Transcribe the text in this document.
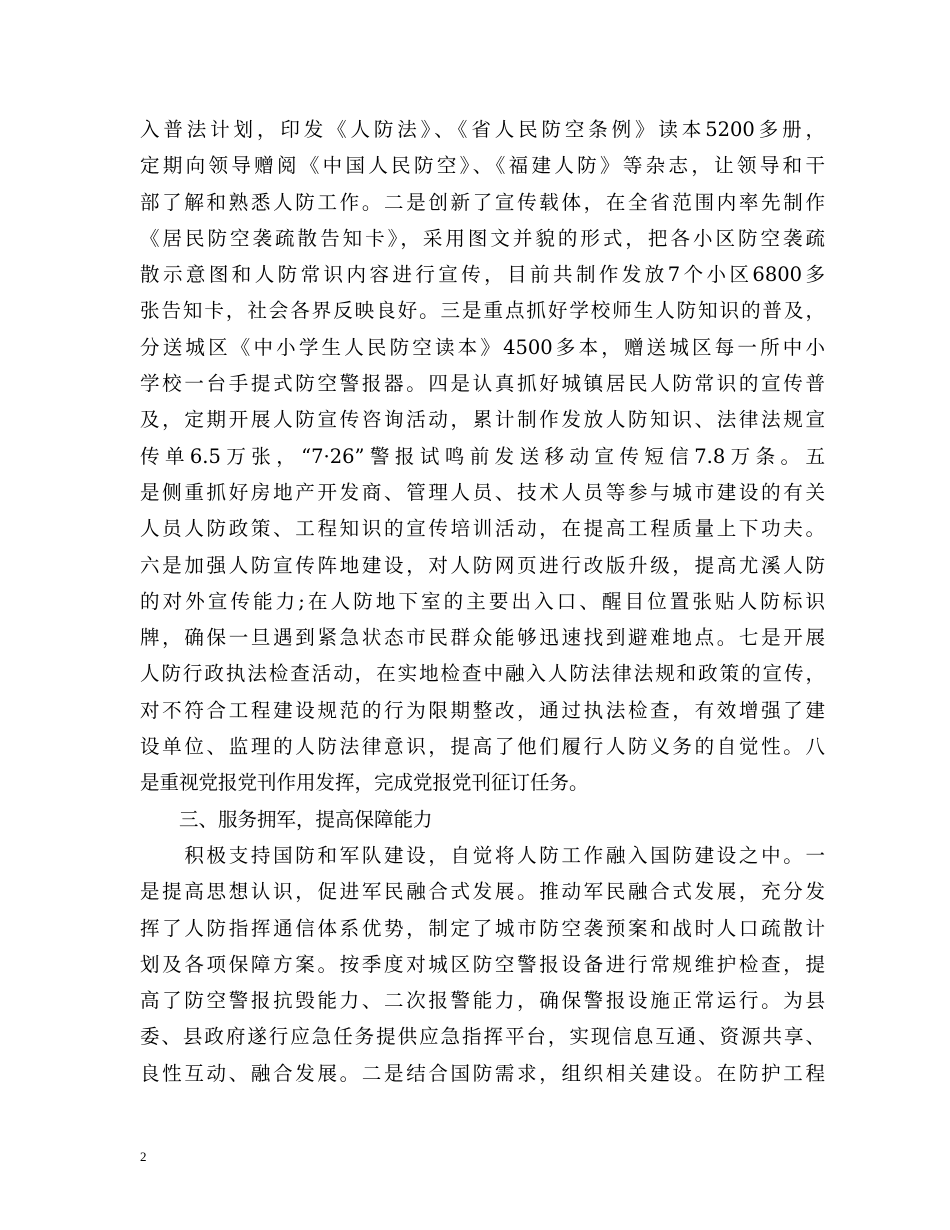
入普法计划，印发《人防法》、《省人民防空条例》读本5200多册，
定期向领导赠阅《中国人民防空》、《福建人防》等杂志，让领导和干
部了解和熟悉人防工作。二是创新了宣传载体，在全省范围内率先制作
《居民防空袭疏散告知卡》，采用图文并貌的形式，把各小区防空袭疏
散示意图和人防常识内容进行宣传，目前共制作发放7个小区6800多
张告知卡，社会各界反映良好。三是重点抓好学校师生人防知识的普及，
分送城区《中小学生人民防空读本》4500多本，赠送城区每一所中小
学校一台手提式防空警报器。四是认真抓好城镇居民人防常识的宣传普
及，定期开展人防宣传咨询活动，累计制作发放人防知识、法律法规宣
传单6.5万张，“7·26”警报试鸣前发送移动宣传短信7.8万条。五
是侧重抓好房地产开发商、管理人员、技术人员等参与城市建设的有关
人员人防政策、工程知识的宣传培训活动，在提高工程质量上下功夫。
六是加强人防宣传阵地建设，对人防网页进行改版升级，提高尤溪人防
的对外宣传能力;在人防地下室的主要出入口、醒目位置张贴人防标识
牌，确保一旦遇到紧急状态市民群众能够迅速找到避难地点。七是开展
人防行政执法检查活动，在实地检查中融入人防法律法规和政策的宣传，
对不符合工程建设规范的行为限期整改，通过执法检查，有效增强了建
设单位、监理的人防法律意识，提高了他们履行人防义务的自觉性。八
是重视党报党刊作用发挥，完成党报党刊征订任务。
　　三、服务拥军，提高保障能力
　　积极支持国防和军队建设，自觉将人防工作融入国防建设之中。一
是提高思想认识，促进军民融合式发展。推动军民融合式发展，充分发
挥了人防指挥通信体系优势，制定了城市防空袭预案和战时人口疏散计
划及各项保障方案。按季度对城区防空警报设备进行常规维护检查，提
高了防空警报抗毁能力、二次报警能力，确保警报设施正常运行。为县
委、县政府遂行应急任务提供应急指挥平台，实现信息互通、资源共享、
良性互动、融合发展。二是结合国防需求，组织相关建设。在防护工程
2
